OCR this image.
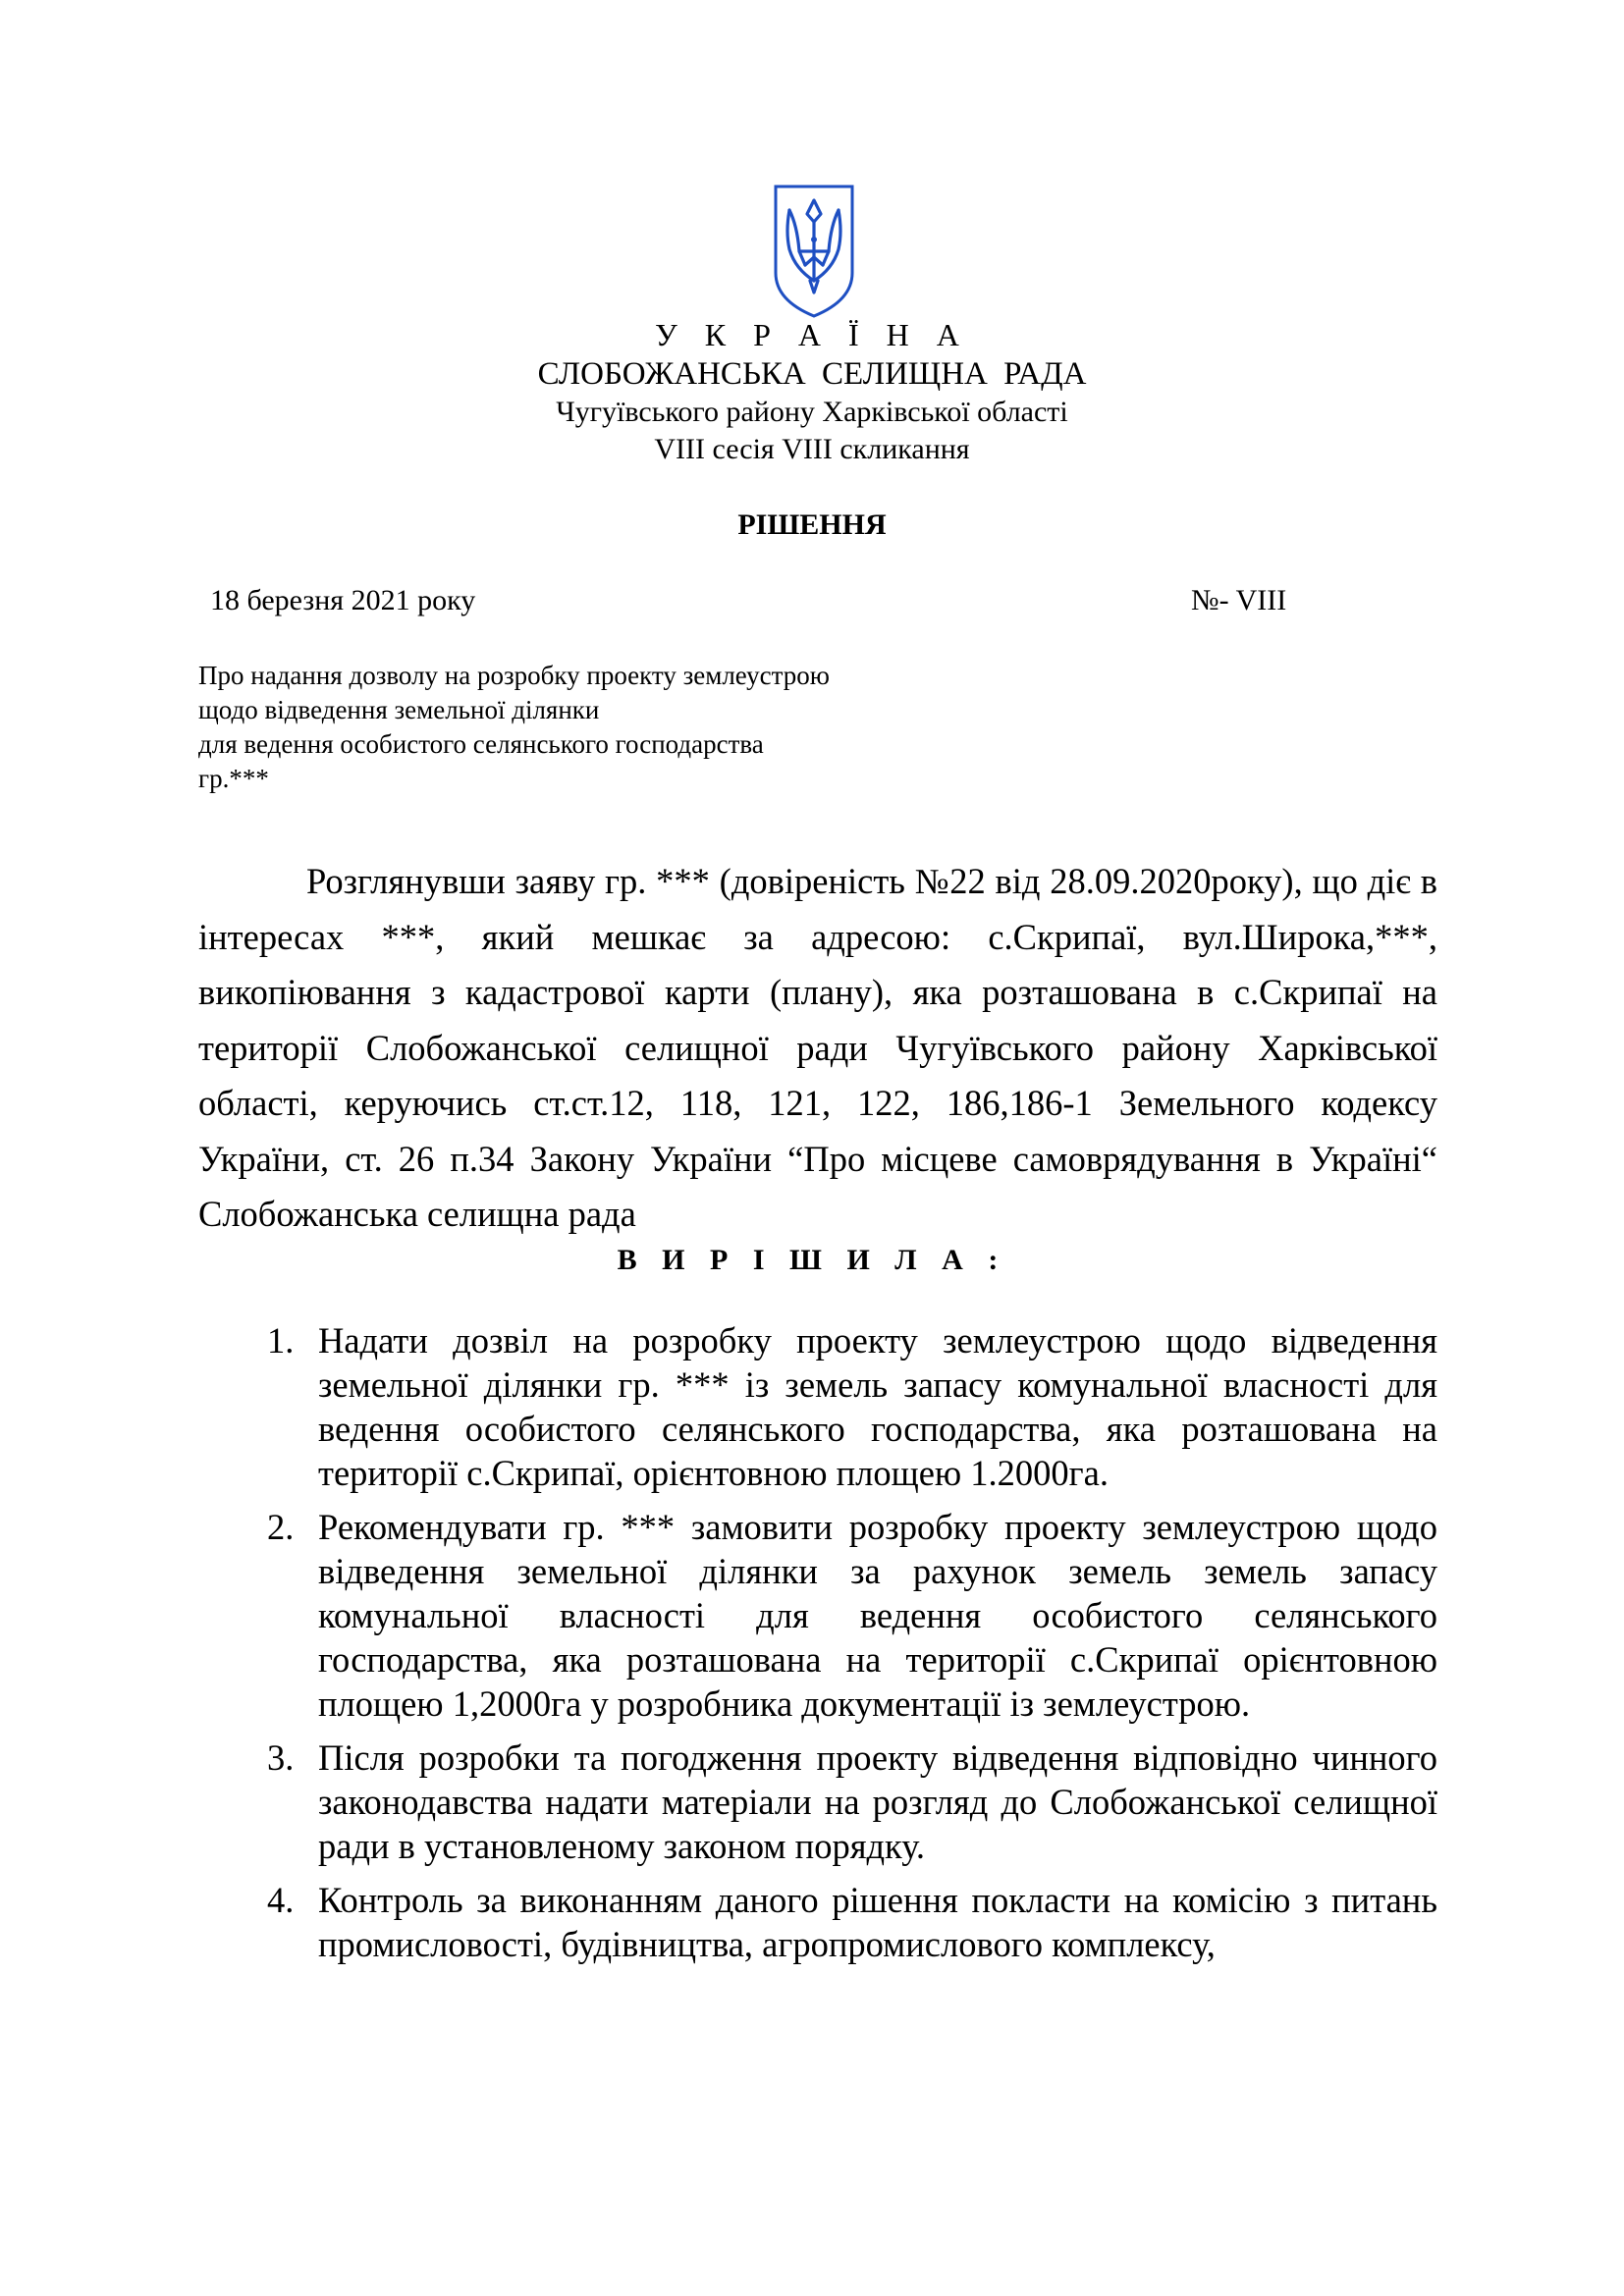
У К Р А Ї Н А
СЛОБОЖАНСЬКА СЕЛИЩНА РАДА
Чугуївського району Харківської області
VIII сесія VIII скликання
РІШЕННЯ
18 березня 2021 року	№- VIII
Про надання дозволу на розробку проекту землеустрою
щодо відведення земельної ділянки
для ведення особистого селянського господарства
гр.***
Розглянувши заяву гр. *** (довіреність №22 від 28.09.2020року), що діє в інтересах ***, який мешкає за адресою: с.Скрипаї, вул.Широка,***, викопіювання з кадастрової карти (плану), яка розташована в с.Скрипаї на території Слобожанської селищної ради Чугуївського району Харківської області, керуючись ст.ст.12, 118, 121, 122, 186,186-1 Земельного кодексу України, ст. 26 п.34 Закону України “Про місцеве самоврядування в Україні“ Слобожанська селищна рада
В И Р І Ш И Л А :
1. Надати дозвіл на розробку проекту землеустрою щодо відведення земельної ділянки гр. *** із земель запасу комунальної власності для ведення особистого селянського господарства, яка розташована на території с.Скрипаї, орієнтовною площею 1.2000га.
2. Рекомендувати гр. *** замовити розробку проекту землеустрою щодо відведення земельної ділянки за рахунок земель земель запасу комунальної власності для ведення особистого селянського господарства, яка розташована на території с.Скрипаї орієнтовною площею 1,2000га у розробника документації із землеустрою.
3. Після розробки та погодження проекту відведення відповідно чинного законодавства надати матеріали на розгляд до Слобожанської селищної ради в установленому законом порядку.
4. Контроль за виконанням даного рішення покласти на комісію з питань промисловості, будівництва, агропромислового комплексу,
